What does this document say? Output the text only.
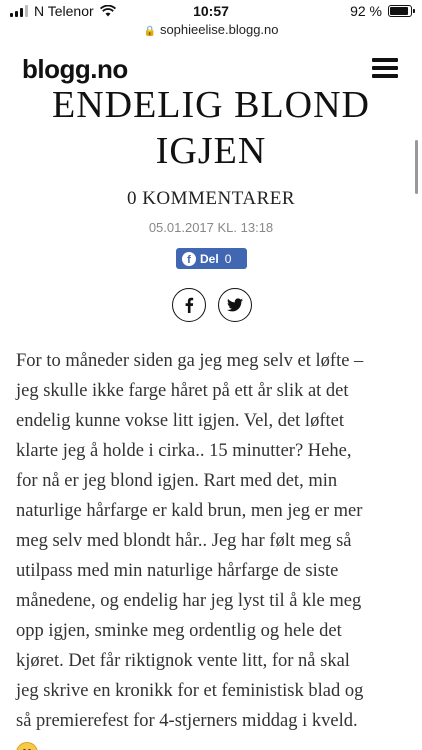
N Telenor	10:57	92 %
🔒 sophieelise.blogg.no
blogg.no
ENDELIG BLOND
IGJEN
0 KOMMENTARER
05.01.2017 KL. 13:18
f Del 0
For to måneder siden ga jeg meg selv et løfte –
jeg skulle ikke farge håret på ett år slik at det
endelig kunne vokse litt igjen. Vel, det løftet
klarte jeg å holde i cirka.. 15 minutter? Hehe,
for nå er jeg blond igjen. Rart med det, min
naturlige hårfarge er kald brun, men jeg er mer
meg selv med blondt hår.. Jeg har følt meg så
utilpass med min naturlige hårfarge de siste
månedene, og endelig har jeg lyst til å kle meg
opp igjen, sminke meg ordentlig og hele det
kjøret. Det får riktignok vente litt, for nå skal
jeg skrive en kronikk for et feministisk blad og
så premierefest for 4-stjerners middag i kveld.
